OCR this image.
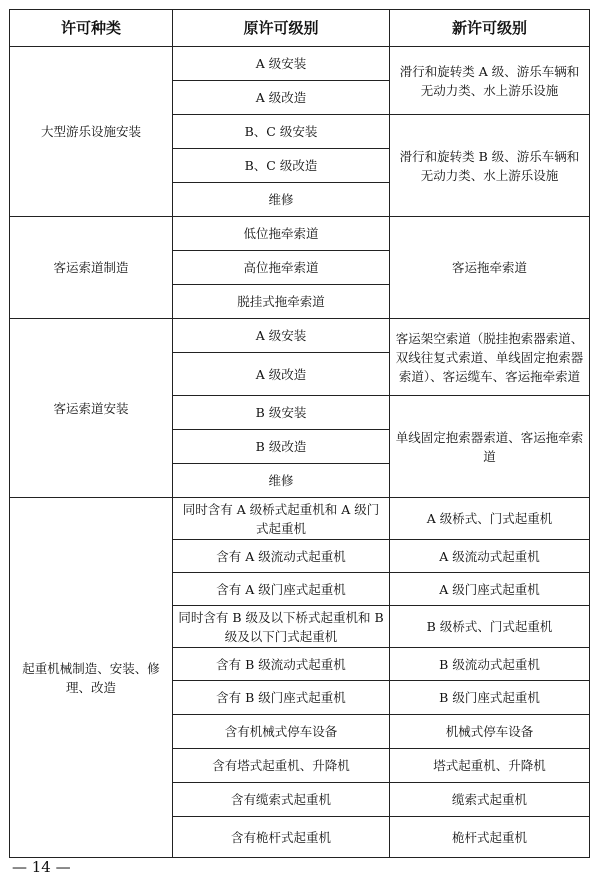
许可种类	原许可级别	新许可级别
大型游乐设施安装	A 级安装	滑行和旋转类 A 级、游乐车辆和无动力类、水上游乐设施
	A 级改造	
	B、C 级安装	滑行和旋转类 B 级、游乐车辆和无动力类、水上游乐设施
	B、C 级改造	
	维修	
客运索道制造	低位拖牵索道	客运拖牵索道
	高位拖牵索道	
	脱挂式拖牵索道	
客运索道安装	A 级安装	客运架空索道（脱挂抱索器索道、双线往复式索道、单线固定抱索器索道）、客运缆车、客运拖牵索道
	A 级改造	
	B 级安装	单线固定抱索器索道、客运拖牵索道
	B 级改造	
	维修	
起重机械制造、安装、修理、改造	同时含有 A 级桥式起重机和 A 级门式起重机	A 级桥式、门式起重机
	含有 A 级流动式起重机	A 级流动式起重机
	含有 A 级门座式起重机	A 级门座式起重机
	同时含有 B 级及以下桥式起重机和 B 级及以下门式起重机	B 级桥式、门式起重机
	含有 B 级流动式起重机	B 级流动式起重机
	含有 B 级门座式起重机	B 级门座式起重机
	含有机械式停车设备	机械式停车设备
	含有塔式起重机、升降机	塔式起重机、升降机
	含有缆索式起重机	缆索式起重机
	含有桅杆式起重机	桅杆式起重机
— 14 —
